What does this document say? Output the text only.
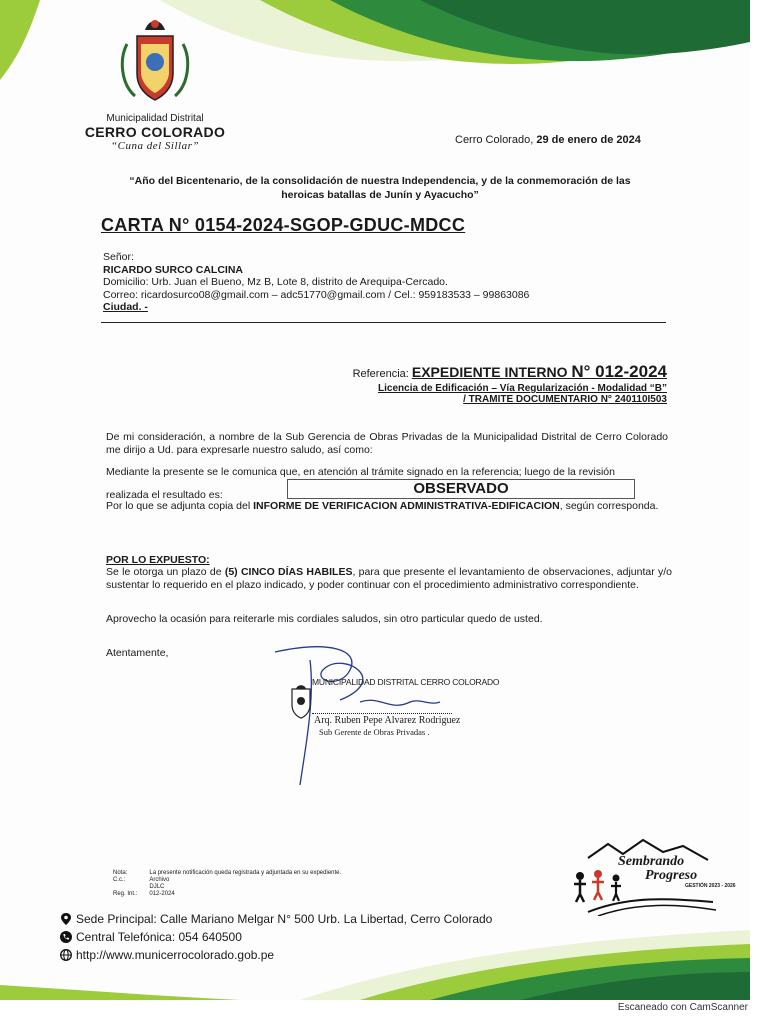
Municipalidad Distrital
CERRO COLORADO
“Cuna del Sillar”	Cerro Colorado, 29 de enero de 2024
“Año del Bicentenario, de la consolidación de nuestra Independencia, y de la conmemoración de las heroicas batallas de Junín y Ayacucho”
CARTA N° 0154-2024-SGOP-GDUC-MDCC
Señor:
RICARDO SURCO CALCINA
Domicilio: Urb. Juan el Bueno, Mz B, Lote 8, distrito de Arequipa-Cercado.
Correo: ricardosurco08@gmail.com – adc51770@gmail.com / Cel.: 959183533 – 99863086
Ciudad. -
Referencia: EXPEDIENTE INTERNO N° 012-2024
Licencia de Edificación – Vía Regularización - Modalidad “B”
/ TRAMITE DOCUMENTARIO N° 240110I503
De mi consideración, a nombre de la Sub Gerencia de Obras Privadas de la Municipalidad Distrital de Cerro Colorado me dirijo a Ud. para expresarle nuestro saludo, así como:
Mediante la presente se le comunica que, en atención al trámite signado en la referencia; luego de la revisión
realizada el resultado es:	OBSERVADO
Por lo que se adjunta copia del INFORME DE VERIFICACION ADMINISTRATIVA-EDIFICACION, según corresponda.
POR LO EXPUESTO:
Se le otorga un plazo de (5) CINCO DÍAS HABILES, para que presente el levantamiento de observaciones, adjuntar y/o sustentar lo requerido en el plazo indicado, y poder continuar con el procedimiento administrativo correspondiente.
Aprovecho la ocasión para reiterarle mis cordiales saludos, sin otro particular quedo de usted.
Atentamente,
MUNICIPALIDAD DISTRITAL CERRO COLORADO
Arq. Ruben Pepe Alvarez Rodriguez
Sub Gerente de Obras Privadas .
Nota:	La presente notificación queda registrada y adjuntada en su expediente.
C.c.:	Archivo
	DJLC
Reg. Int.:	012-2024
Sembrando
Progreso
GESTIÓN 2023 - 2026
Sede Principal: Calle Mariano Melgar N° 500 Urb. La Libertad, Cerro Colorado
Central Telefónica: 054 640500
http://www.municerrocolorado.gob.pe
Escaneado con CamScanner
